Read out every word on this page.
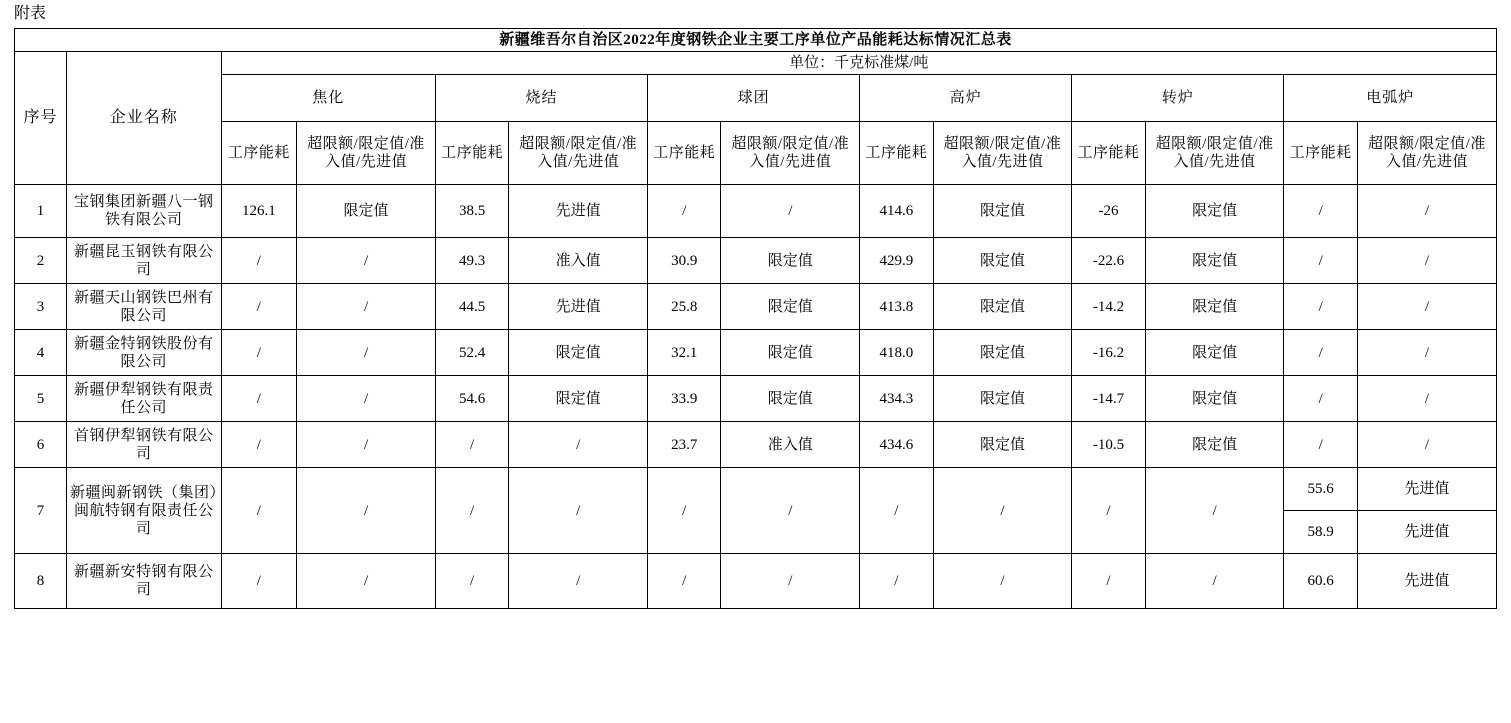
附表
新疆维吾尔自治区2022年度钢铁企业主要工序单位产品能耗达标情况汇总表													
序号	企业名称	单位：千克标准煤/吨											
		焦化		烧结		球团		高炉		转炉		电弧炉	
		工序能耗	超限额/限定值/准入值/先进值	工序能耗	超限额/限定值/准入值/先进值	工序能耗	超限额/限定值/准入值/先进值	工序能耗	超限额/限定值/准入值/先进值	工序能耗	超限额/限定值/准入值/先进值	工序能耗	超限额/限定值/准入值/先进值
1	宝钢集团新疆八一钢铁有限公司	126.1	限定值	38.5	先进值	/	/	414.6	限定值	-26	限定值	/	/
2	新疆昆玉钢铁有限公司	/	/	49.3	准入值	30.9	限定值	429.9	限定值	-22.6	限定值	/	/
3	新疆天山钢铁巴州有限公司	/	/	44.5	先进值	25.8	限定值	413.8	限定值	-14.2	限定值	/	/
4	新疆金特钢铁股份有限公司	/	/	52.4	限定值	32.1	限定值	418.0	限定值	-16.2	限定值	/	/
5	新疆伊犁钢铁有限责任公司	/	/	54.6	限定值	33.9	限定值	434.3	限定值	-14.7	限定值	/	/
6	首钢伊犁钢铁有限公司	/	/	/	/	23.7	准入值	434.6	限定值	-10.5	限定值	/	/
7	新疆闽新钢铁（集团）闽航特钢有限责任公司	/	/	/	/	/	/	/	/	/	/	55.6	先进值
												58.9	先进值
8	新疆新安特钢有限公司	/	/	/	/	/	/	/	/	/	/	60.6	先进值
